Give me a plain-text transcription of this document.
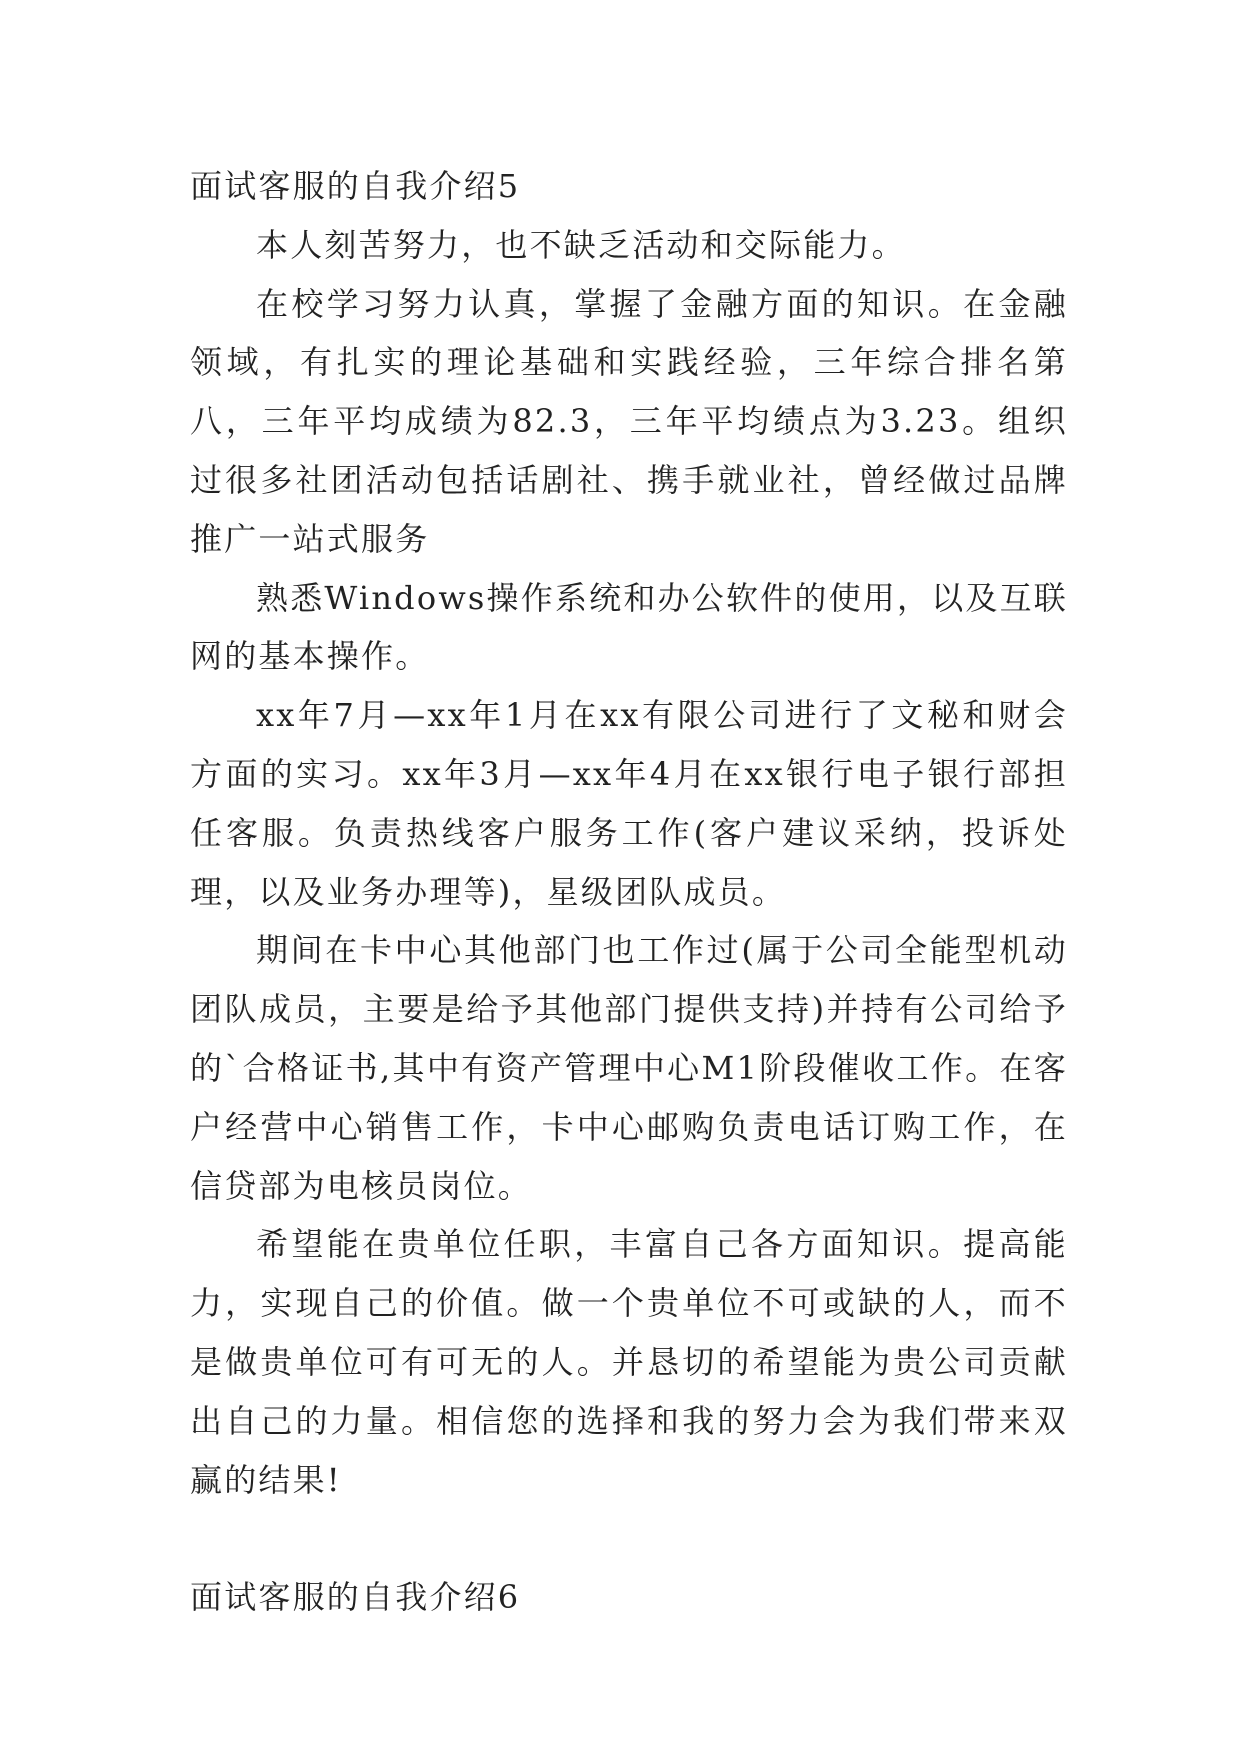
面试客服的自我介绍5

本人刻苦努力，也不缺乏活动和交际能力。

在校学习努力认真，掌握了金融方面的知识。在金融领域，有扎实的理论基础和实践经验，三年综合排名第八，三年平均成绩为82.3，三年平均绩点为3.23。组织过很多社团活动包括话剧社、携手就业社，曾经做过品牌推广一站式服务

熟悉Windows操作系统和办公软件的使用，以及互联网的基本操作。

xx年7月—xx年1月在xx有限公司进行了文秘和财会方面的实习。xx年3月—xx年4月在xx银行电子银行部担任客服。负责热线客户服务工作(客户建议采纳，投诉处理，以及业务办理等)，星级团队成员。

期间在卡中心其他部门也工作过(属于公司全能型机动团队成员，主要是给予其他部门提供支持)并持有公司给予的`合格证书,其中有资产管理中心M1阶段催收工作。在客户经营中心销售工作，卡中心邮购负责电话订购工作，在信贷部为电核员岗位。

希望能在贵单位任职，丰富自己各方面知识。提高能力，实现自己的价值。做一个贵单位不可或缺的人，而不是做贵单位可有可无的人。并恳切的希望能为贵公司贡献出自己的力量。相信您的选择和我的努力会为我们带来双赢的结果!

面试客服的自我介绍6
